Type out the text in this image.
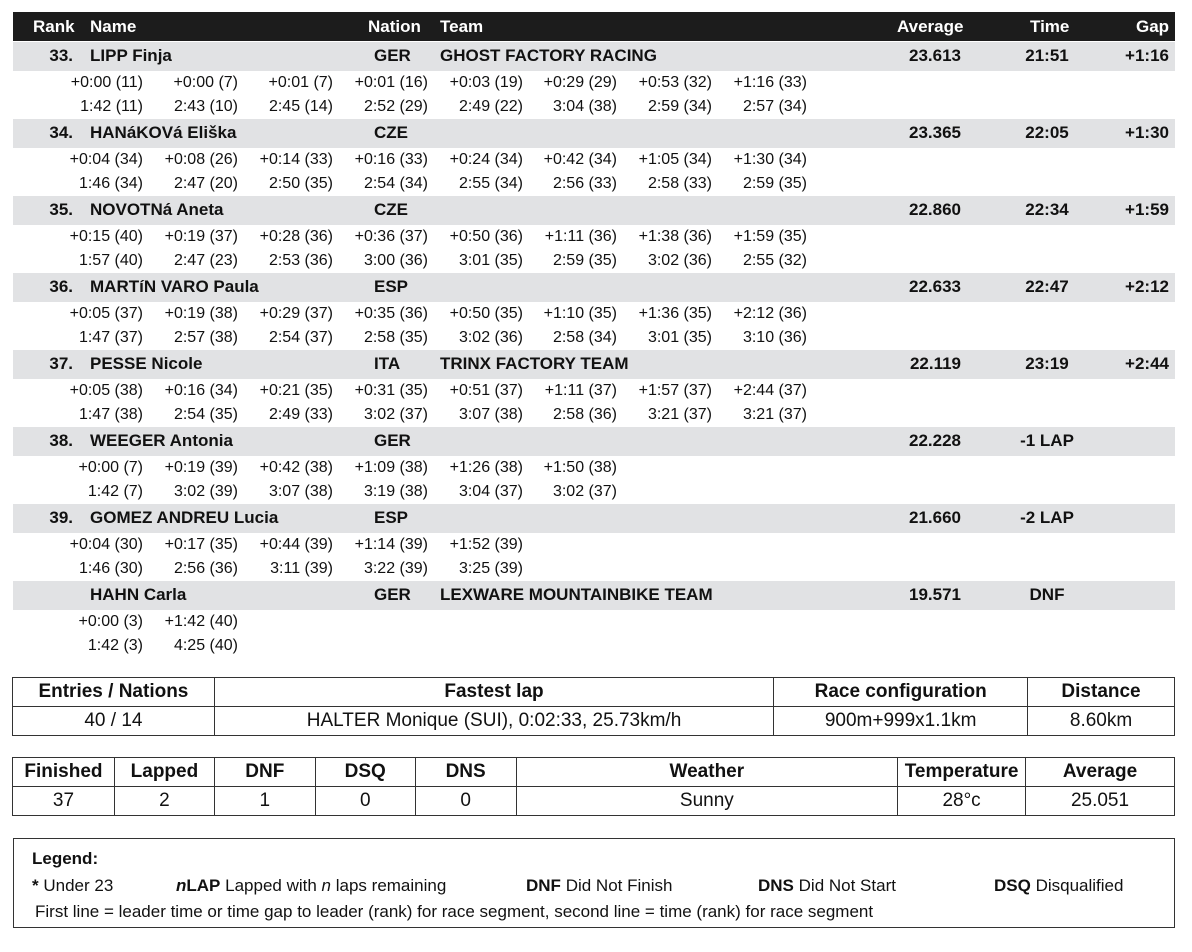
Rank Name	Nation Team	Average	Time	Gap
33. LIPP Finja	GER GHOST FACTORY RACING	23.613	21:51	+1:16
+0:00 (11)	+0:00 (7)	+0:01 (7)	+0:01 (16)	+0:03 (19)	+0:29 (29)	+0:53 (32)	+1:16 (33)
1:42 (11)	2:43 (10)	2:45 (14)	2:52 (29)	2:49 (22)	3:04 (38)	2:59 (34)	2:57 (34)
34. HANáKOVá Eliška	CZE	23.365	22:05	+1:30
+0:04 (34)	+0:08 (26)	+0:14 (33)	+0:16 (33)	+0:24 (34)	+0:42 (34)	+1:05 (34)	+1:30 (34)
1:46 (34)	2:47 (20)	2:50 (35)	2:54 (34)	2:55 (34)	2:56 (33)	2:58 (33)	2:59 (35)
35. NOVOTNá Aneta	CZE	22.860	22:34	+1:59
+0:15 (40)	+0:19 (37)	+0:28 (36)	+0:36 (37)	+0:50 (36)	+1:11 (36)	+1:38 (36)	+1:59 (35)
1:57 (40)	2:47 (23)	2:53 (36)	3:00 (36)	3:01 (35)	2:59 (35)	3:02 (36)	2:55 (32)
36. MARTíN VARO Paula	ESP	22.633	22:47	+2:12
+0:05 (37)	+0:19 (38)	+0:29 (37)	+0:35 (36)	+0:50 (35)	+1:10 (35)	+1:36 (35)	+2:12 (36)
1:47 (37)	2:57 (38)	2:54 (37)	2:58 (35)	3:02 (36)	2:58 (34)	3:01 (35)	3:10 (36)
37. PESSE Nicole	ITA TRINX FACTORY TEAM	22.119	23:19	+2:44
+0:05 (38)	+0:16 (34)	+0:21 (35)	+0:31 (35)	+0:51 (37)	+1:11 (37)	+1:57 (37)	+2:44 (37)
1:47 (38)	2:54 (35)	2:49 (33)	3:02 (37)	3:07 (38)	2:58 (36)	3:21 (37)	3:21 (37)
38. WEEGER Antonia	GER	22.228	-1 LAP
+0:00 (7)	+0:19 (39)	+0:42 (38)	+1:09 (38)	+1:26 (38)	+1:50 (38)
1:42 (7)	3:02 (39)	3:07 (38)	3:19 (38)	3:04 (37)	3:02 (37)
39. GOMEZ ANDREU Lucia	ESP	21.660	-2 LAP
+0:04 (30)	+0:17 (35)	+0:44 (39)	+1:14 (39)	+1:52 (39)
1:46 (30)	2:56 (36)	3:11 (39)	3:22 (39)	3:25 (39)
HAHN Carla	GER LEXWARE MOUNTAINBIKE TEAM	19.571	DNF
+0:00 (3)	+1:42 (40)
1:42 (3)	4:25 (40)
Entries / Nations	Fastest lap	Race configuration	Distance
40 / 14	HALTER Monique (SUI), 0:02:33, 25.73km/h	900m+999x1.1km	8.60km
Finished	Lapped	DNF	DSQ	DNS	Weather	Temperature	Average
37	2	1	0	0	Sunny	28°c	25.051
Legend:
* Under 23	nLAP Lapped with n laps remaining	DNF Did Not Finish	DNS Did Not Start	DSQ Disqualified
First line = leader time or time gap to leader (rank) for race segment, second line = time (rank) for race segment
